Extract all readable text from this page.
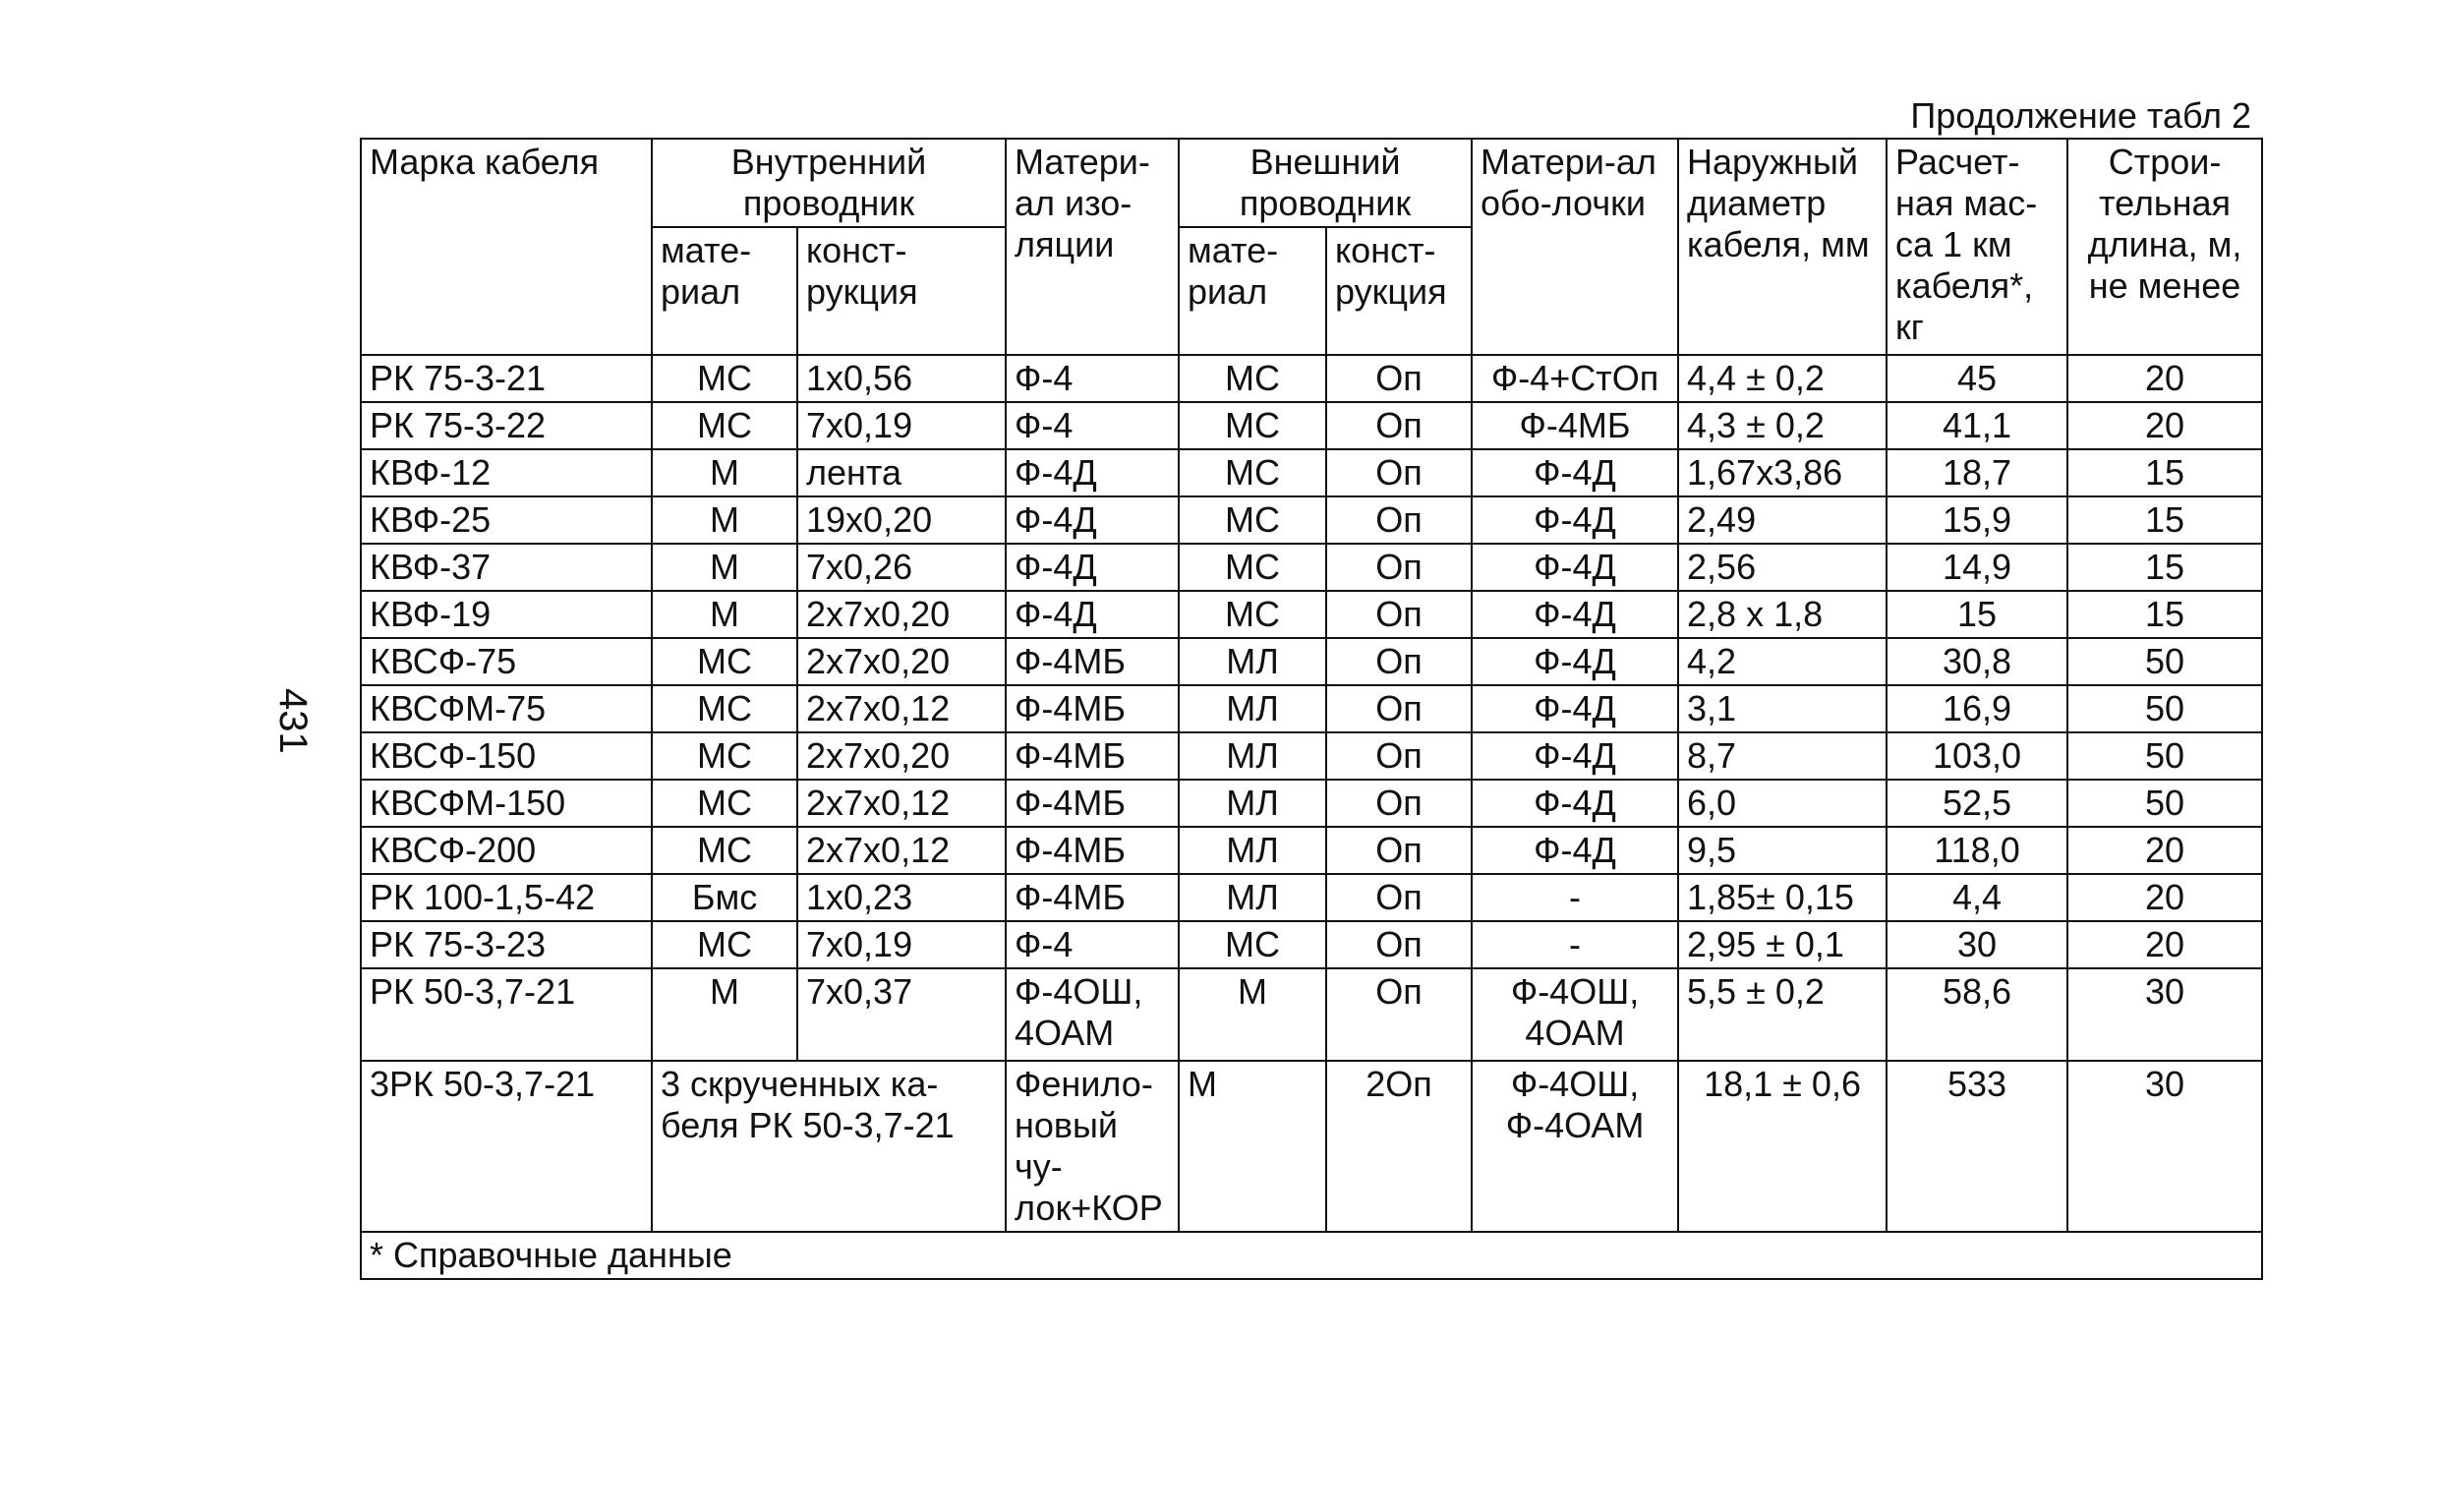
431
Продолжение табл 2
Марка кабеля	Внутренний проводник		Матери-ал изо-ляции	Внешний проводник		Матери-ал обо-лочки	Наружный диаметр кабеля, мм	Расчет-ная мас-са 1 км кабеля*, кг	Строи-тельная длина, м, не менее
	мате-риал	конст-рукция		мате-риал	конст-рукция				
РК 75-3-21	МС	1х0,56	Ф-4	МС	Оп	Ф-4+СтОп	4,4 ± 0,2	45	20
РК 75-3-22	МС	7х0,19	Ф-4	МС	Оп	Ф-4МБ	4,3 ± 0,2	41,1	20
КВФ-12	М	лента	Ф-4Д	МС	Оп	Ф-4Д	1,67х3,86	18,7	15
КВФ-25	М	19х0,20	Ф-4Д	МС	Оп	Ф-4Д	2,49	15,9	15
КВФ-37	М	7х0,26	Ф-4Д	МС	Оп	Ф-4Д	2,56	14,9	15
КВФ-19	М	2х7х0,20	Ф-4Д	МС	Оп	Ф-4Д	2,8 х 1,8	15	15
КВСФ-75	МС	2х7х0,20	Ф-4МБ	МЛ	Оп	Ф-4Д	4,2	30,8	50
КВСФМ-75	МС	2х7х0,12	Ф-4МБ	МЛ	Оп	Ф-4Д	3,1	16,9	50
КВСФ-150	МС	2х7х0,20	Ф-4МБ	МЛ	Оп	Ф-4Д	8,7	103,0	50
КВСФМ-150	МС	2х7х0,12	Ф-4МБ	МЛ	Оп	Ф-4Д	6,0	52,5	50
КВСФ-200	МС	2х7х0,12	Ф-4МБ	МЛ	Оп	Ф-4Д	9,5	118,0	20
РК 100-1,5-42	Бмс	1х0,23	Ф-4МБ	МЛ	Оп	-	1,85± 0,15	4,4	20
РК 75-3-23	МС	7х0,19	Ф-4	МС	Оп	-	2,95 ± 0,1	30	20
РК 50-3,7-21	М	7х0,37	Ф-4ОШ, 4ОАМ	М	Оп	Ф-4ОШ, 4ОАМ	5,5 ± 0,2	58,6	30
3РК 50-3,7-21	3 скрученных ка-беля РК 50-3,7-21		Фенило-новый чу-лок+КОР	М	2Оп	Ф-4ОШ, Ф-4ОАМ	18,1 ± 0,6	533	30
* Справочные данные									
